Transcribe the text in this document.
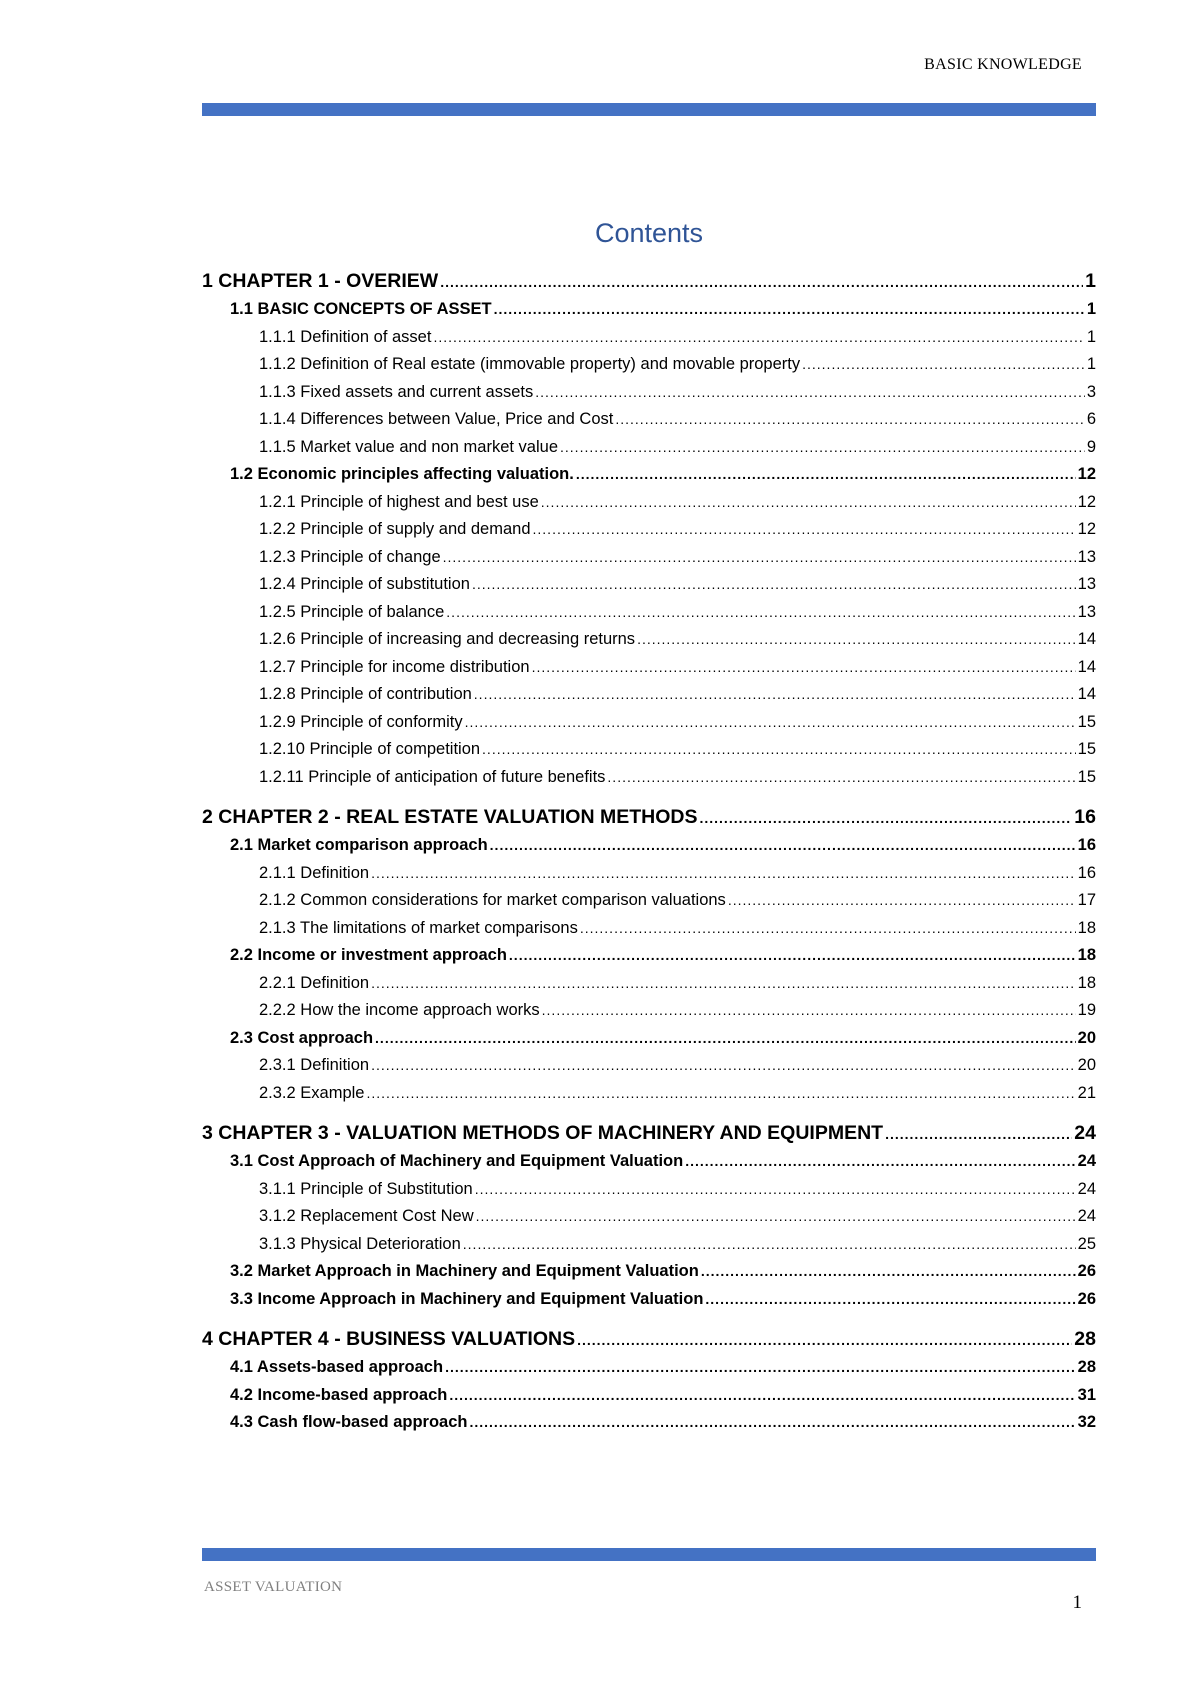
BASIC KNOWLEDGE
Contents
1 CHAPTER 1 - OVERIEW .....	1
1.1 BASIC CONCEPTS OF ASSET .....	1
1.1.1 Definition of asset .....	1
1.1.2 Definition of Real estate (immovable property) and movable property .....	1
1.1.3 Fixed assets and current assets .....	3
1.1.4 Differences between Value, Price and Cost .....	6
1.1.5 Market value and non market value .....	9
1.2 Economic principles affecting valuation. .....	12
1.2.1 Principle of highest and best use .....	12
1.2.2 Principle of supply and demand .....	12
1.2.3 Principle of change .....	13
1.2.4 Principle of substitution .....	13
1.2.5 Principle of balance .....	13
1.2.6 Principle of increasing and decreasing returns .....	14
1.2.7 Principle for income distribution .....	14
1.2.8 Principle of contribution .....	14
1.2.9 Principle of conformity .....	15
1.2.10 Principle of competition .....	15
1.2.11 Principle of anticipation of future benefits .....	15
2 CHAPTER 2 - REAL ESTATE VALUATION METHODS .....	16
2.1 Market comparison approach .....	16
2.1.1 Definition .....	16
2.1.2 Common considerations for market comparison valuations .....	17
2.1.3 The limitations of market comparisons .....	18
2.2 Income or investment approach .....	18
2.2.1 Definition .....	18
2.2.2 How the income approach works .....	19
2.3 Cost approach .....	20
2.3.1 Definition .....	20
2.3.2 Example .....	21
3 CHAPTER 3 - VALUATION METHODS OF MACHINERY AND EQUIPMENT .....	24
3.1 Cost Approach of Machinery and Equipment Valuation .....	24
3.1.1 Principle of Substitution .....	24
3.1.2 Replacement Cost New .....	24
3.1.3 Physical Deterioration .....	25
3.2 Market Approach in Machinery and Equipment Valuation .....	26
3.3 Income Approach in Machinery and Equipment Valuation .....	26
4 CHAPTER 4 - BUSINESS VALUATIONS .....	28
4.1 Assets-based approach .....	28
4.2 Income-based approach .....	31
4.3 Cash flow-based approach .....	32
ASSET VALUATION
1
